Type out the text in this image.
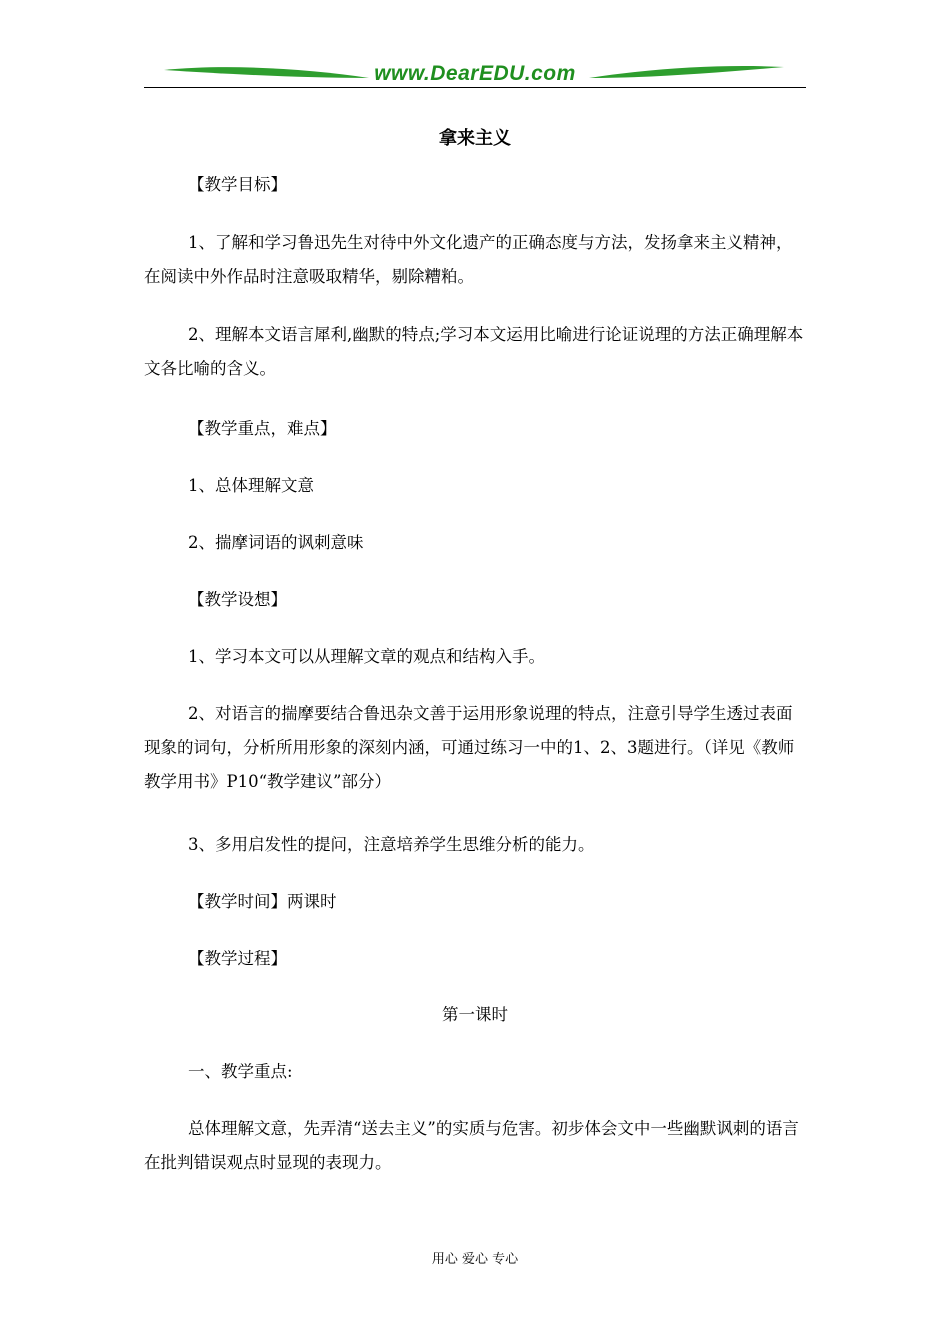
www.DearEDU.com
拿来主义
【教学目标】
1、了解和学习鲁迅先生对待中外文化遗产的正确态度与方法，发扬拿来主义精神，在阅读中外作品时注意吸取精华，剔除糟粕。
2、理解本文语言犀利,幽默的特点;学习本文运用比喻进行论证说理的方法正确理解本文各比喻的含义。
【教学重点，难点】
1、总体理解文意
2、揣摩词语的讽刺意味
【教学设想】
1、学习本文可以从理解文章的观点和结构入手。
2、对语言的揣摩要结合鲁迅杂文善于运用形象说理的特点，注意引导学生透过表面现象的词句，分析所用形象的深刻内涵，可通过练习一中的1、2、3题进行。（详见《教师教学用书》P10“教学建议”部分）
3、多用启发性的提问，注意培养学生思维分析的能力。
【教学时间】两课时
【教学过程】
第一课时
一、教学重点:
总体理解文意，先弄清“送去主义”的实质与危害。初步体会文中一些幽默讽刺的语言在批判错误观点时显现的表现力。
用心 爱心 专心
